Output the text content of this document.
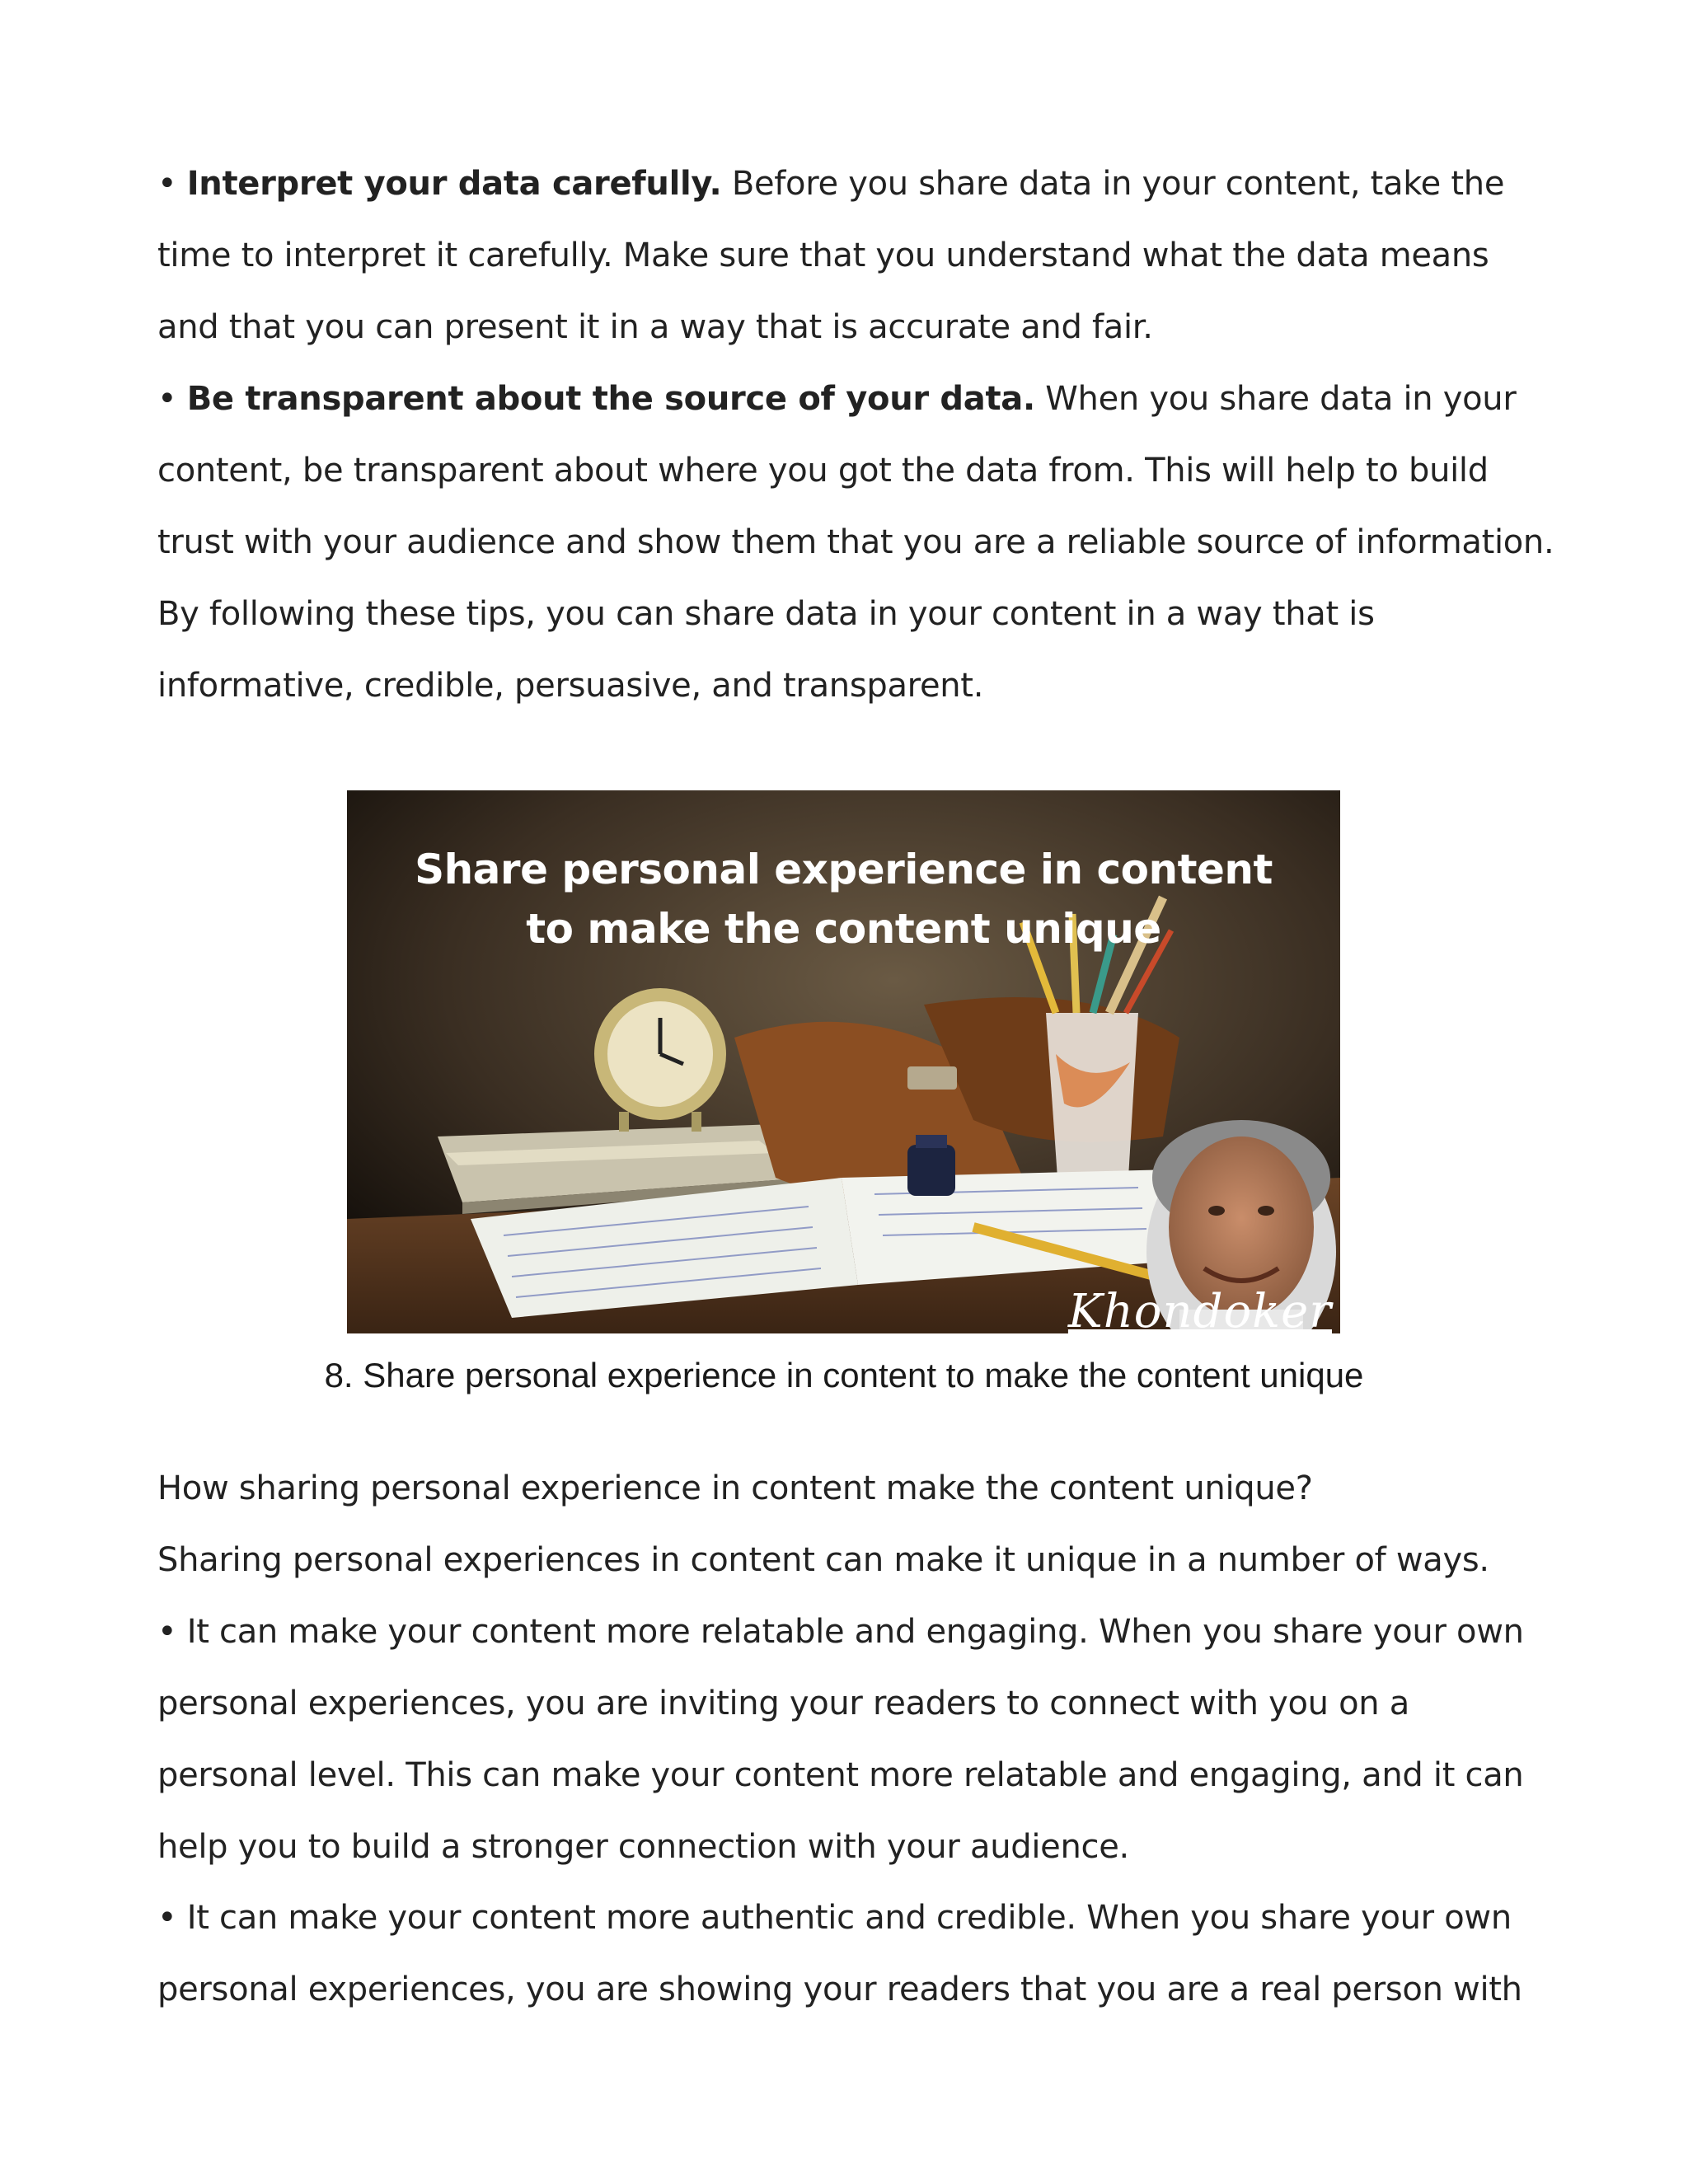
• Interpret your data carefully. Before you share data in your content, take the time to interpret it carefully. Make sure that you understand what the data means and that you can present it in a way that is accurate and fair.
• Be transparent about the source of your data. When you share data in your content, be transparent about where you got the data from. This will help to build trust with your audience and show them that you are a reliable source of information.
By following these tips, you can share data in your content in a way that is informative, credible, persuasive, and transparent.
Share personal experience in content
to make the content unique
Khondoker
8. Share personal experience in content to make the content unique
How sharing personal experience in content make the content unique?
Sharing personal experiences in content can make it unique in a number of ways.
• It can make your content more relatable and engaging. When you share your own personal experiences, you are inviting your readers to connect with you on a personal level. This can make your content more relatable and engaging, and it can help you to build a stronger connection with your audience.
• It can make your content more authentic and credible. When you share your own personal experiences, you are showing your readers that you are a real person with
